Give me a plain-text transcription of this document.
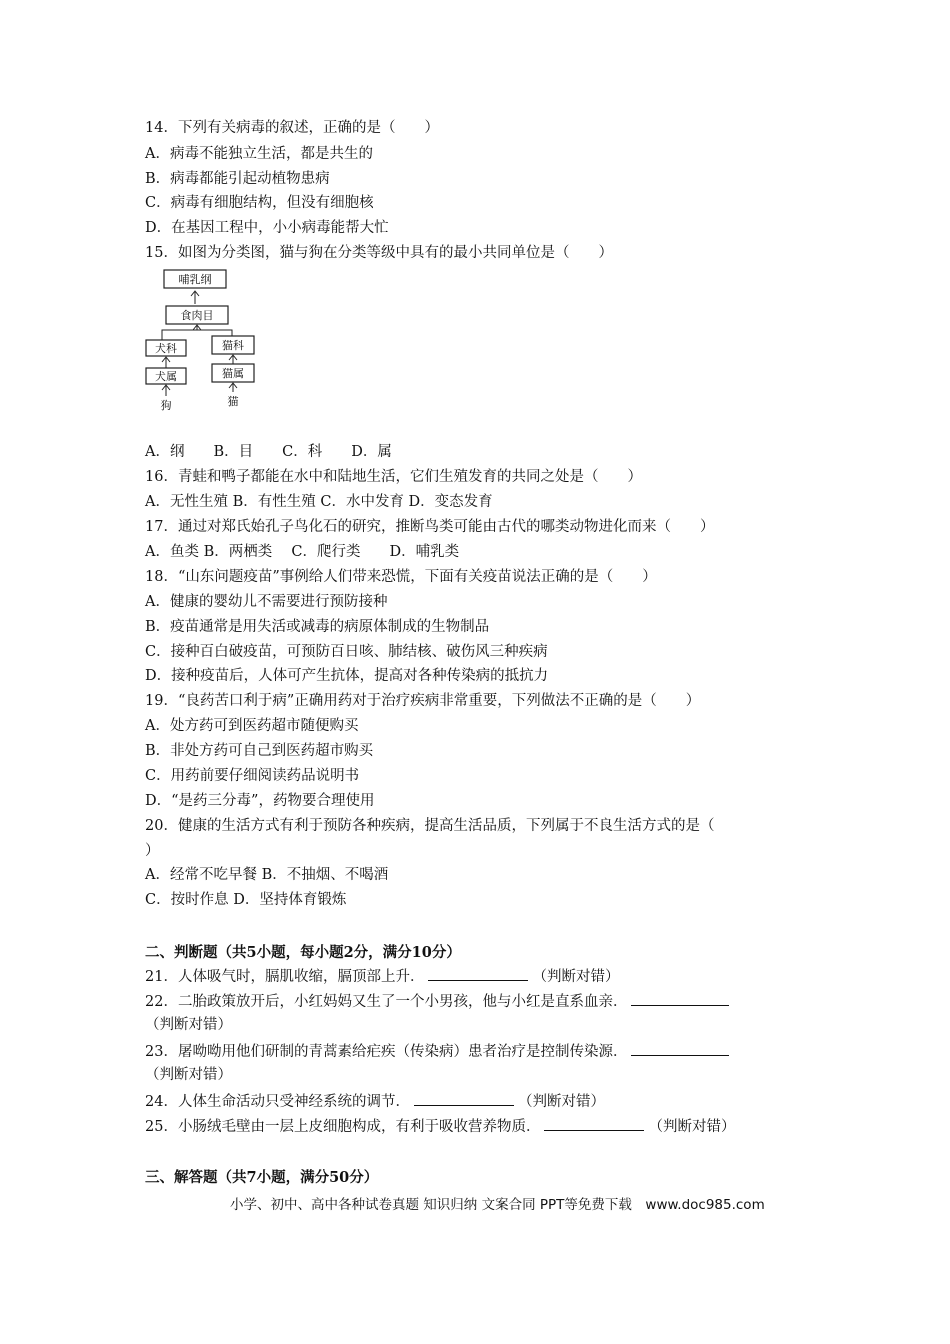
14．下列有关病毒的叙述，正确的是（　　）
A．病毒不能独立生活，都是共生的
B．病毒都能引起动植物患病
C．病毒有细胞结构，但没有细胞核
D．在基因工程中，小小病毒能帮大忙
15．如图为分类图，猫与狗在分类等级中具有的最小共同单位是（　　）
哺乳纲
食肉目
犬科	猫科
犬属	猫属
狗	猫
A．纲　　B．目　　C．科　　D．属
16．青蛙和鸭子都能在水中和陆地生活，它们生殖发育的共同之处是（　　）
A．无性生殖 B．有性生殖 C．水中发育 D．变态发育
17．通过对郑氏始孔子鸟化石的研究，推断鸟类可能由古代的哪类动物进化而来（　　）
A．鱼类 B．两栖类　 C．爬行类　　D．哺乳类
18．“山东问题疫苗”事例给人们带来恐慌，下面有关疫苗说法正确的是（　　）
A．健康的婴幼儿不需要进行预防接种
B．疫苗通常是用失活或减毒的病原体制成的生物制品
C．接种百白破疫苗，可预防百日咳、肺结核、破伤风三种疾病
D．接种疫苗后，人体可产生抗体，提高对各种传染病的抵抗力
19．“良药苦口利于病”正确用药对于治疗疾病非常重要，下列做法不正确的是（　　）
A．处方药可到医药超市随便购买
B．非处方药可自己到医药超市购买
C．用药前要仔细阅读药品说明书
D．“是药三分毒”，药物要合理使用
20．健康的生活方式有利于预防各种疾病，提高生活品质，下列属于不良生活方式的是（
）
A．经常不吃早餐 B．不抽烟、不喝酒
C．按时作息 D．坚持体育锻炼
二、判断题（共5小题，每小题2分，满分10分）
21．人体吸气时，膈肌收缩，膈顶部上升．	（判断对错）
22．二胎政策放开后，小红妈妈又生了一个小男孩，他与小红是直系血亲．
（判断对错）
23．屠呦呦用他们研制的青蒿素给疟疾（传染病）患者治疗是控制传染源．
（判断对错）
24．人体生命活动只受神经系统的调节．	（判断对错）
25．小肠绒毛壁由一层上皮细胞构成，有利于吸收营养物质．	（判断对错）
三、解答题（共7小题，满分50分）
小学、初中、高中各种试卷真题 知识归纳 文案合同 PPT等免费下载　www.doc985.com
